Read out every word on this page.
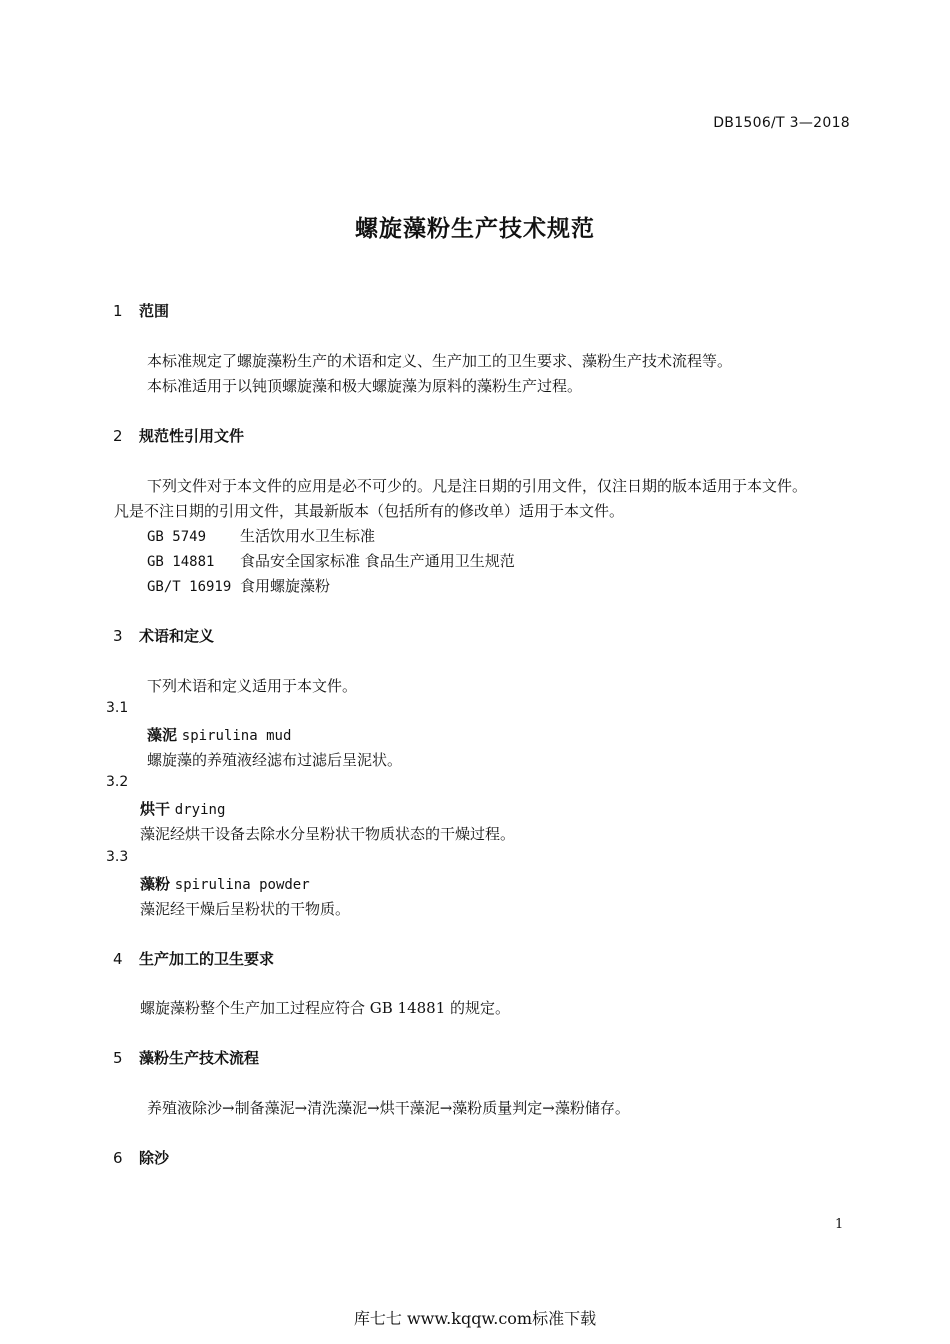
DB1506/T 3—2018
螺旋藻粉生产技术规范
1 范围
本标准规定了螺旋藻粉生产的术语和定义、生产加工的卫生要求、藻粉生产技术流程等。
本标准适用于以钝顶螺旋藻和极大螺旋藻为原料的藻粉生产过程。
2 规范性引用文件
下列文件对于本文件的应用是必不可少的。凡是注日期的引用文件，仅注日期的版本适用于本文件。
凡是不注日期的引用文件，其最新版本（包括所有的修改单）适用于本文件。
GB 5749 生活饮用水卫生标准
GB 14881 食品安全国家标准 食品生产通用卫生规范
GB/T 16919 食用螺旋藻粉
3 术语和定义
下列术语和定义适用于本文件。
3.1
藻泥 spirulina mud
螺旋藻的养殖液经滤布过滤后呈泥状。
3.2
烘干 drying
藻泥经烘干设备去除水分呈粉状干物质状态的干燥过程。
3.3
藻粉 spirulina powder
藻泥经干燥后呈粉状的干物质。
4 生产加工的卫生要求
螺旋藻粉整个生产加工过程应符合 GB 14881 的规定。
5 藻粉生产技术流程
养殖液除沙→制备藻泥→清洗藻泥→烘干藻泥→藻粉质量判定→藻粉储存。
6 除沙
1
库七七 www.kqqw.com标准下载
